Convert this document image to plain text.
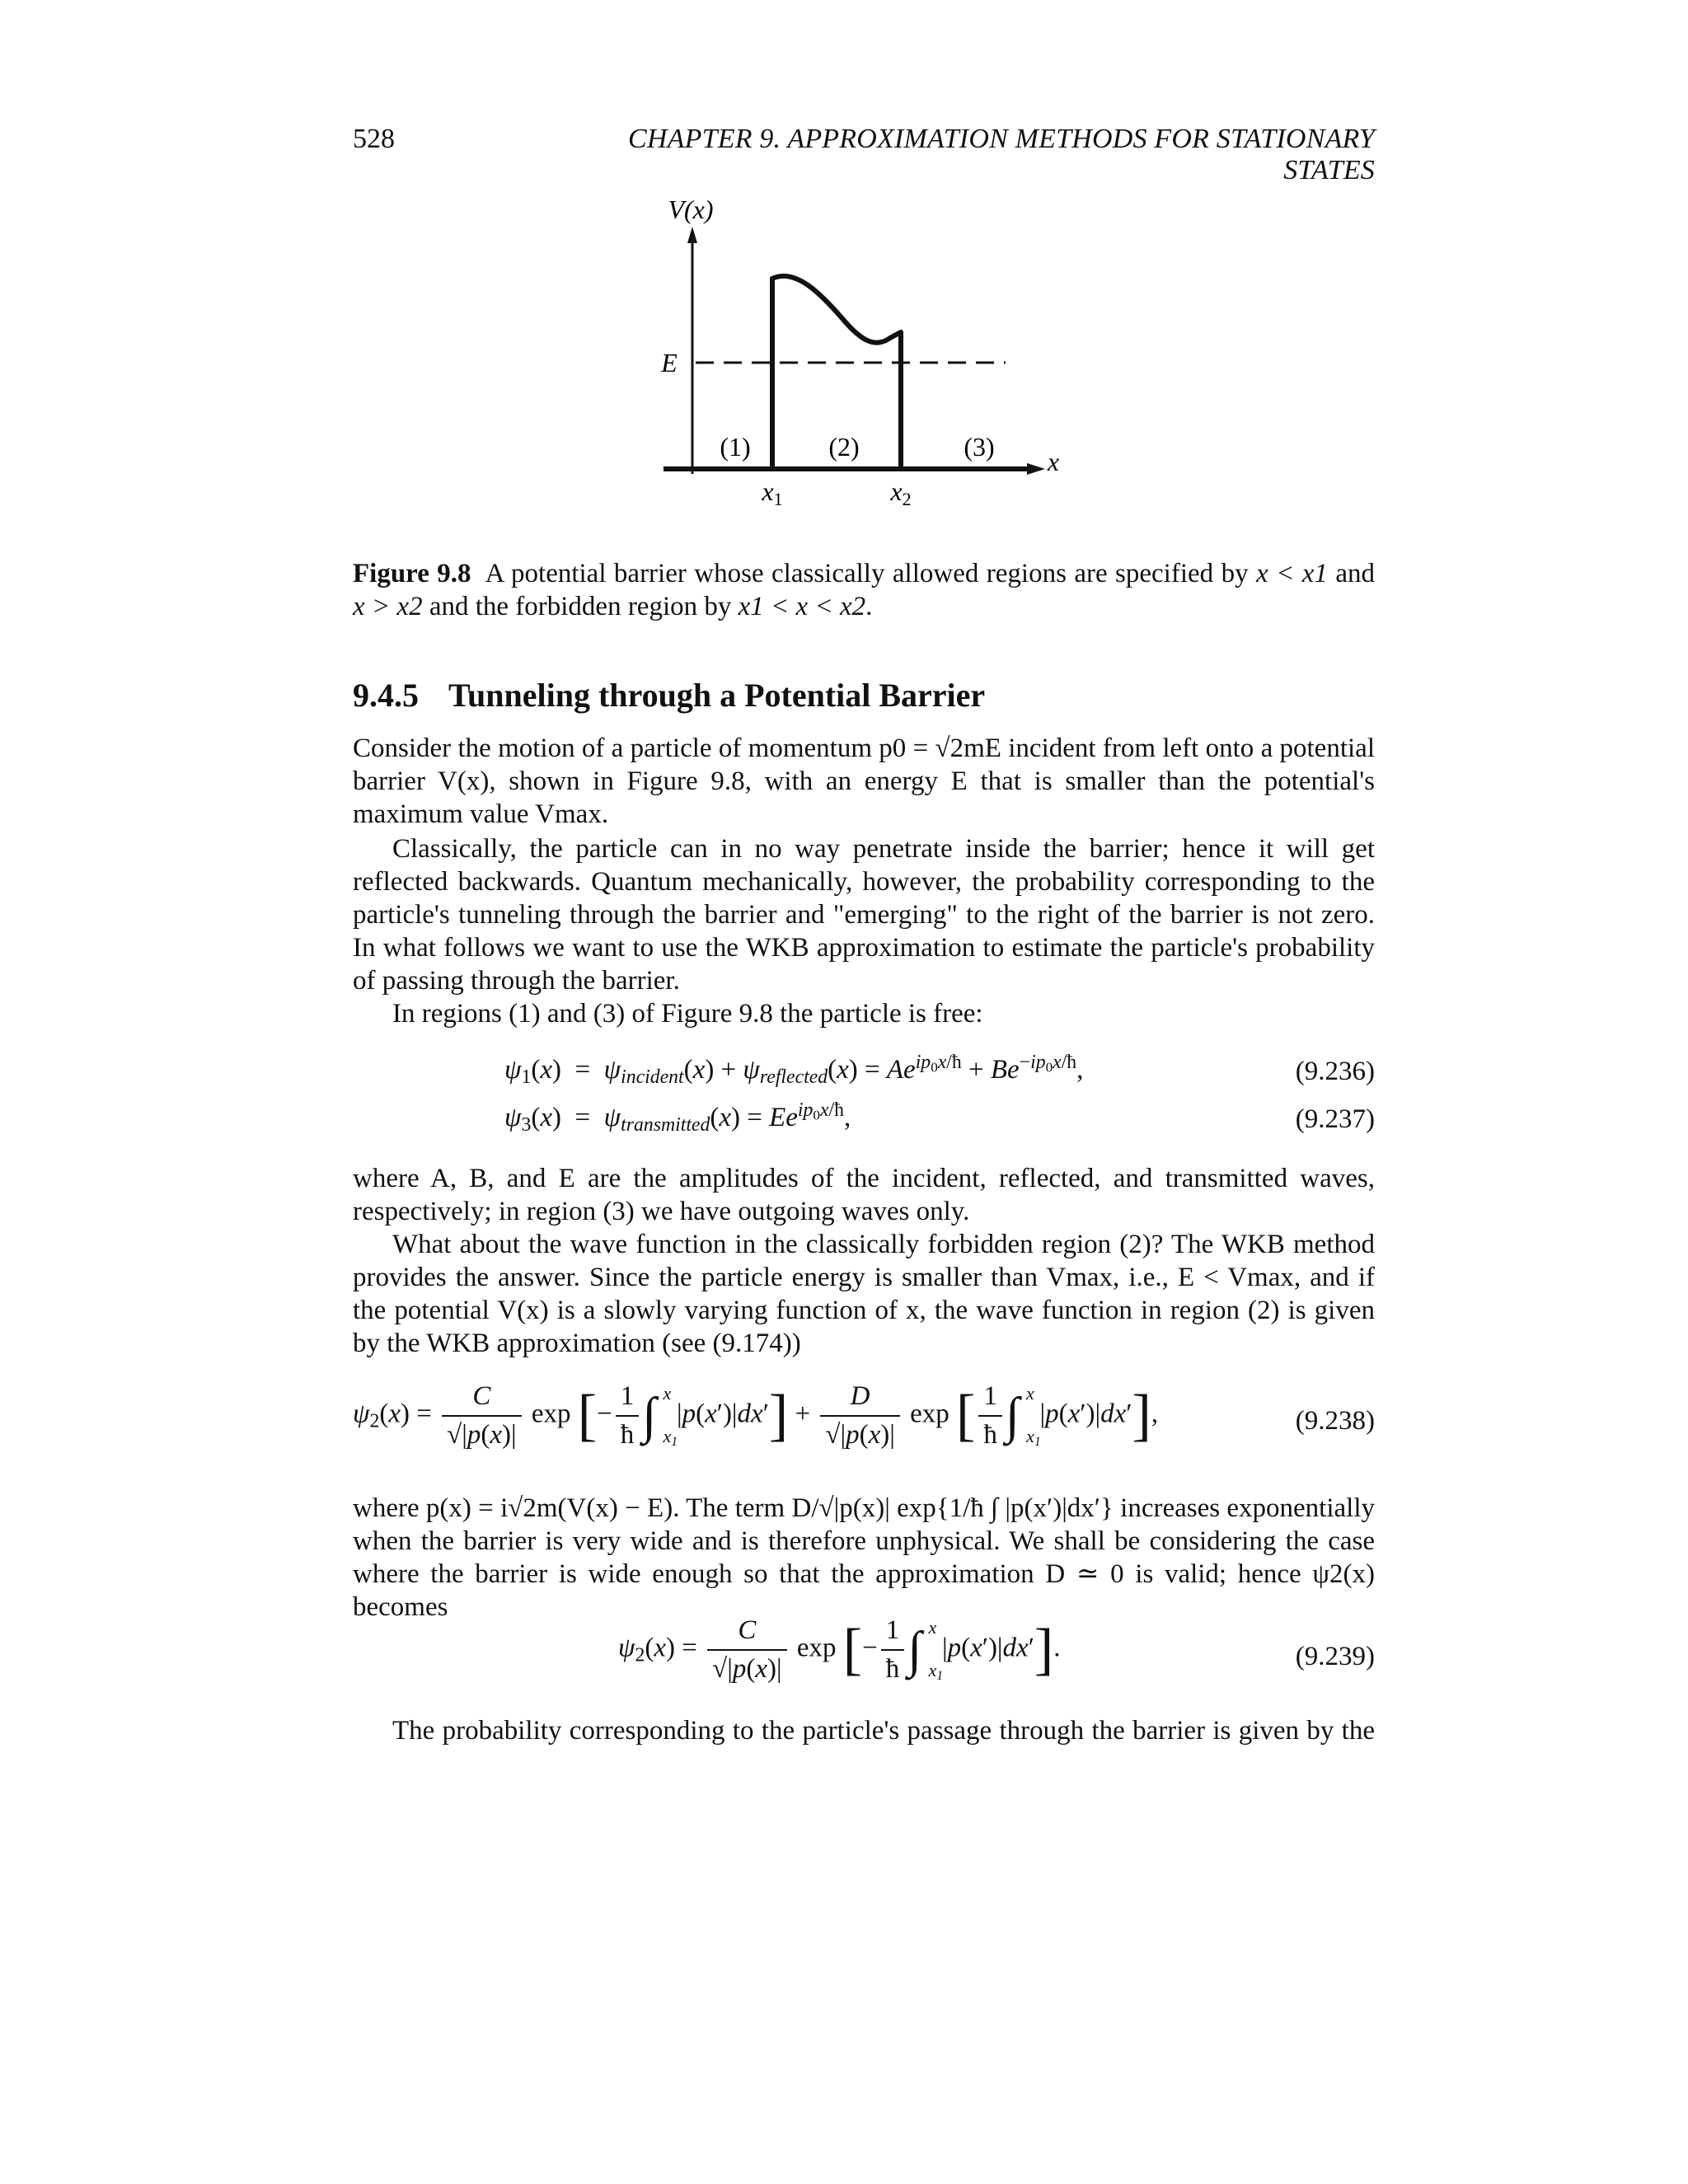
528	CHAPTER 9. APPROXIMATION METHODS FOR STATIONARY STATES
V(x)
E
(1)	(2)	(3) x
x1	x2
Figure 9.8 A potential barrier whose classically allowed regions are specified by x < x1 and
x > x2 and the forbidden region by x1 < x < x2.
9.4.5 Tunneling through a Potential Barrier
Consider the motion of a particle of momentum p0 = √2mE incident from left onto a potential barrier V(x), shown in Figure 9.8, with an energy E that is smaller than the potential's maximum value Vmax.
Classically, the particle can in no way penetrate inside the barrier; hence it will get reflected backwards. Quantum mechanically, however, the probability corresponding to the particle's tunneling through the barrier and "emerging" to the right of the barrier is not zero. In what follows we want to use the WKB approximation to estimate the particle's probability of passing through the barrier.
In regions (1) and (3) of Figure 9.8 the particle is free:
$\psi_1(x) = \psi_{incident}(x) + \psi_{reflected}(x) = Ae^{ip_0x/ħ} + Be^{-ip_0x/ħ}$,	(9.236)
$\psi_3(x) = \psi_{transmitted}(x) = Ee^{ip_0x/ħ}$,	(9.237)
where A, B, and E are the amplitudes of the incident, reflected, and transmitted waves, respectively; in region (3) we have outgoing waves only.
What about the wave function in the classically forbidden region (2)? The WKB method provides the answer. Since the particle energy is smaller than Vmax, i.e., E < Vmax, and if the potential V(x) is a slowly varying function of x, the wave function in region (2) is given by the WKB approximation (see (9.174))
$\psi_2(x) = \frac{C}{√|p(x)|}$ exp [− $\frac{1}{ħ}$ ∫ x
$x_1$
$|p(x')|dx'] + \frac{D}{√|p(x)|}$ exp [ $\frac{1}{ħ}$ ∫ x
$x_1$
|p(x′)|dx′],	(9.238)
where p(x) = i√2m(V(x) − E). The term D/√|p(x)| exp{1/ħ ∫ |p(x′)|dx′} increases exponentially when the barrier is very wide and is therefore unphysical. We shall be considering the case where the barrier is wide enough so that the approximation D ≃ 0 is valid; hence ψ2(x) becomes
$\psi_2(x) = \frac{C}{√|p(x)|}$ exp [− $\frac{1}{ħ}$ ∫ x
$x_1$
|p(x′)|dx′].	(9.239)
The probability corresponding to the particle's passage through the barrier is given by the
